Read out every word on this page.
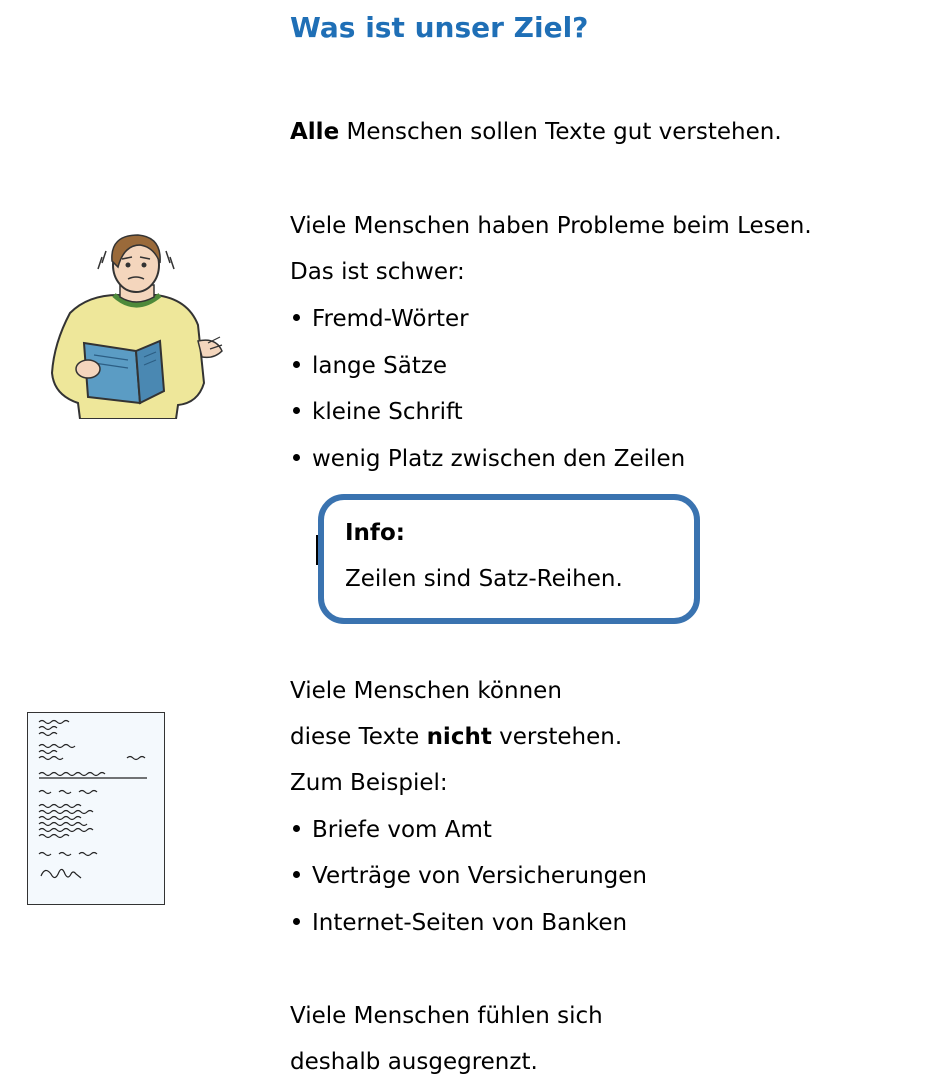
Was ist unser Ziel?

Alle Menschen sollen Texte gut verstehen.

Viele Menschen haben Probleme beim Lesen.

Das ist schwer:

Fremd-Wörter
lange Sätze
kleine Schrift
wenig Platz zwischen den Zeilen
Info:
Zeilen sind Satz-Reihen.

Viele Menschen können

diese Texte nicht verstehen.

Zum Beispiel:

Briefe vom Amt
Verträge von Versicherungen
Internet-Seiten von Banken

Viele Menschen fühlen sich

deshalb ausgegrenzt.
